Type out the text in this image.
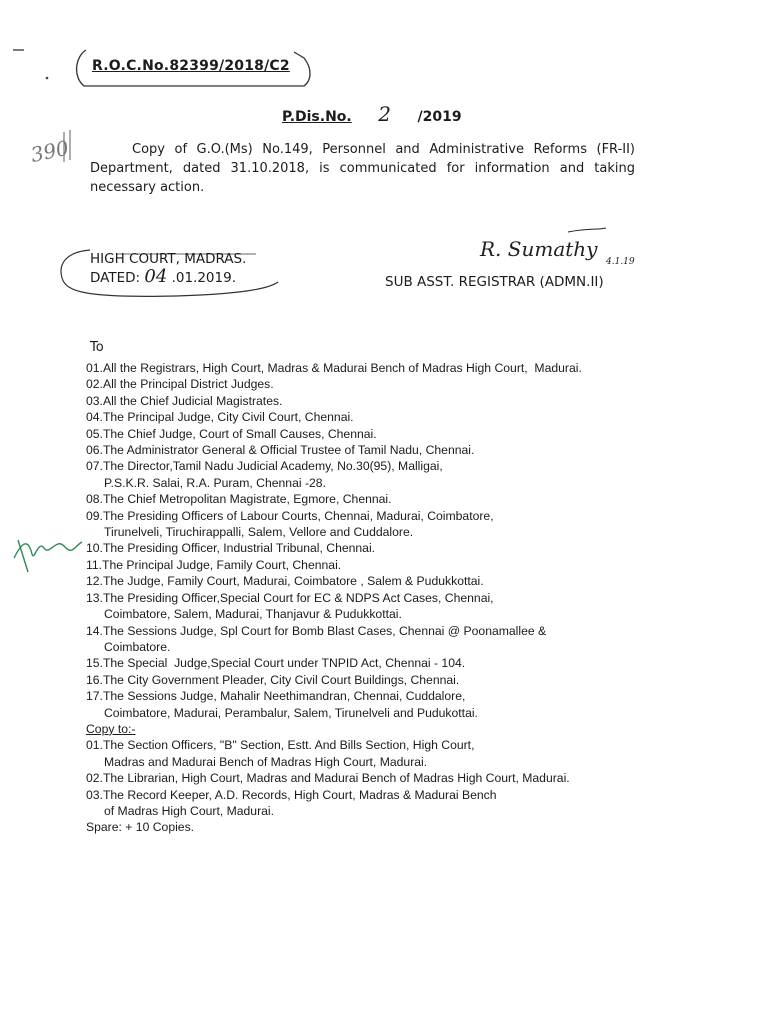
R.O.C.No.82399/2018/C2
P.Dis.No. 2 /2019
390	Copy of G.O.(Ms) No.149, Personnel and Administrative Reforms (FR-II) Department, dated 31.10.2018, is communicated for information and taking necessary action.
HIGH COURT, MADRAS.
DATED: 04 .01.2019.
R. Sumathy
4.1.19
SUB ASST. REGISTRAR (ADMN.II)
To
01.All the Registrars, High Court, Madras & Madurai Bench of Madras High Court,  Madurai.
02.All the Principal District Judges.
03.All the Chief Judicial Magistrates.
04.The Principal Judge, City Civil Court, Chennai.
05.The Chief Judge, Court of Small Causes, Chennai.
06.The Administrator General & Official Trustee of Tamil Nadu, Chennai.
07.The Director,Tamil Nadu Judicial Academy, No.30(95), Malligai,
P.S.K.R. Salai, R.A. Puram, Chennai -28.
08.The Chief Metropolitan Magistrate, Egmore, Chennai.
09.The Presiding Officers of Labour Courts, Chennai, Madurai, Coimbatore,
Tirunelveli, Tiruchirappalli, Salem, Vellore and Cuddalore.
10.The Presiding Officer, Industrial Tribunal, Chennai.
11.The Principal Judge, Family Court, Chennai.
12.The Judge, Family Court, Madurai, Coimbatore , Salem & Pudukkottai.
13.The Presiding Officer,Special Court for EC & NDPS Act Cases, Chennai,
Coimbatore, Salem, Madurai, Thanjavur & Pudukkottai.
14.The Sessions Judge, Spl Court for Bomb Blast Cases, Chennai @ Poonamallee &
Coimbatore.
15.The Special  Judge,Special Court under TNPID Act, Chennai - 104.
16.The City Government Pleader, City Civil Court Buildings, Chennai.
17.The Sessions Judge, Mahalir Neethimandran, Chennai, Cuddalore,
Coimbatore, Madurai, Perambalur, Salem, Tirunelveli and Pudukottai.
Copy to:-
01.The Section Officers, "B" Section, Estt. And Bills Section, High Court,
Madras and Madurai Bench of Madras High Court, Madurai.
02.The Librarian, High Court, Madras and Madurai Bench of Madras High Court, Madurai.
03.The Record Keeper, A.D. Records, High Court, Madras & Madurai Bench
of Madras High Court, Madurai.
Spare: + 10 Copies.
